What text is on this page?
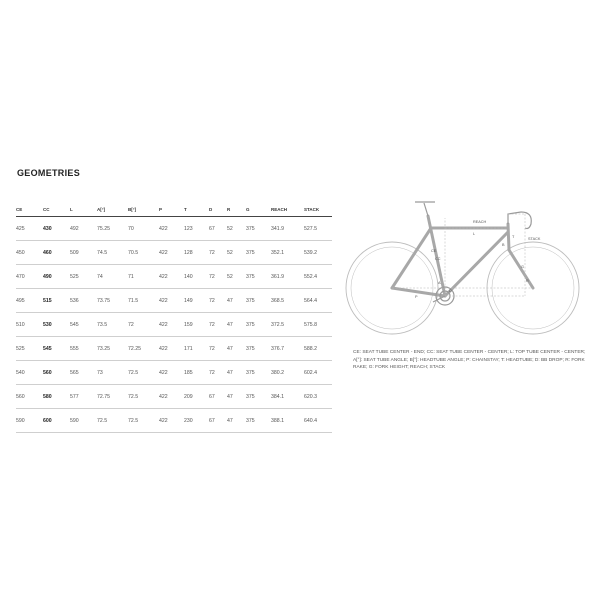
GEOMETRIES
CE	CC	L	A[°]	B[°]	P	T	D	R	G	REACH	STACK
425	430	492	75.25	70	422	123	67	52	375	341.9	527.5
450	460	509	74.5	70.5	422	128	72	52	375	352.1	539.2
470	490	525	74	71	422	140	72	52	375	361.9	552.4
495	515	536	73.75	71.5	422	149	72	47	375	368.5	564.4
510	530	545	73.5	72	422	159	72	47	375	372.5	575.8
525	545	555	73.25	72.25	422	171	72	47	375	376.7	588.2
540	560	565	73	72.5	422	185	72	47	375	380.2	602.4
560	580	577	72.75	72.5	422	209	67	47	375	384.1	620.3
590	600	590	72.5	72.5	422	230	67	47	375	388.1	640.4
REACH
STACK
CE
CC
L
A
B
P
T
D
R
G

CE: SEAT TUBE CENTER - END; CC: SEAT TUBE CENTER - CENTER; L: TOP TUBE CENTER - CENTER; A[°]: SEAT TUBE ANGLE; B[°]: HEADTUBE ANGLE; P: CHAINSTAY; T: HEADTUBE; D: BB DROP; R: FORK RAKE; G: FORK HEIGHT; REACH; STACK
